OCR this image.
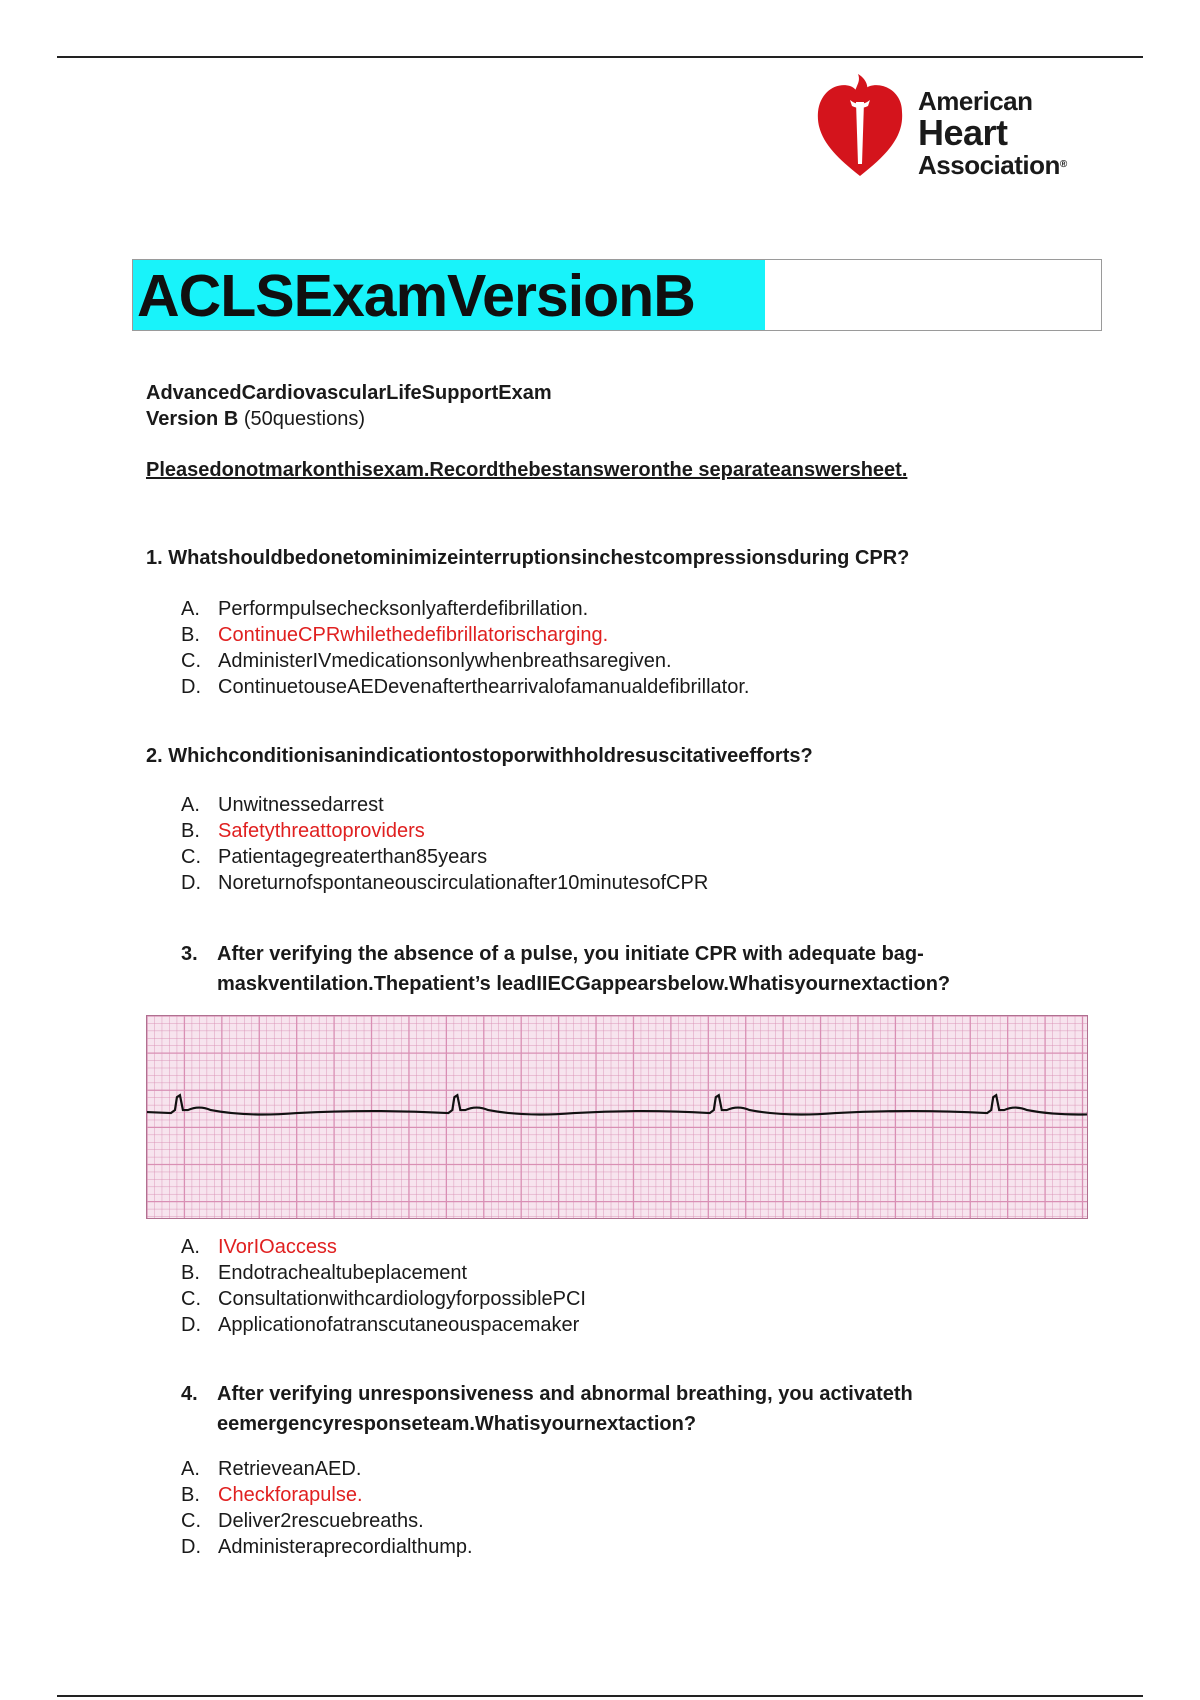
American
Heart
Association®
ACLSExamVersionB
AdvancedCardiovascularLifeSupportExam
Version B (50questions)
Pleasedonotmarkonthisexam.Recordthebestansweronthe separateanswersheet.
1. Whatshouldbedonetominimizeinterruptionsinchestcompressionsduring CPR?
A. Performpulsechecksonlyafterdefibrillation.
B. ContinueCPRwhilethedefibrillatorischarging.
C. AdministerIVmedicationsonlywhenbreathsaregiven.
D. ContinuetouseAEDevenafterthearrivalofamanualdefibrillator.
2. Whichconditionisanindicationtostoporwithholdresuscitativeefforts?
A. Unwitnessedarrest
B. Safetythreattoproviders
C. Patientagegreaterthan85years
D. Noreturnofspontaneouscirculationafter10minutesofCPR
3. After verifying the absence of a pulse, you initiate CPR with adequate bag-maskventilation.Thepatient’s leadIIECGappearsbelow.Whatisyournextaction?
A. IVorIOaccess
B. Endotrachealtubeplacement
C. ConsultationwithcardiologyforpossiblePCI
D. Applicationofatranscutaneouspacemaker
4. After verifying unresponsiveness and abnormal breathing, you activateth eemergencyresponseteam.Whatisyournextaction?
A. RetrieveanAED.
B. Checkforapulse.
C. Deliver2rescuebreaths.
D. Administeraprecordialthump.
